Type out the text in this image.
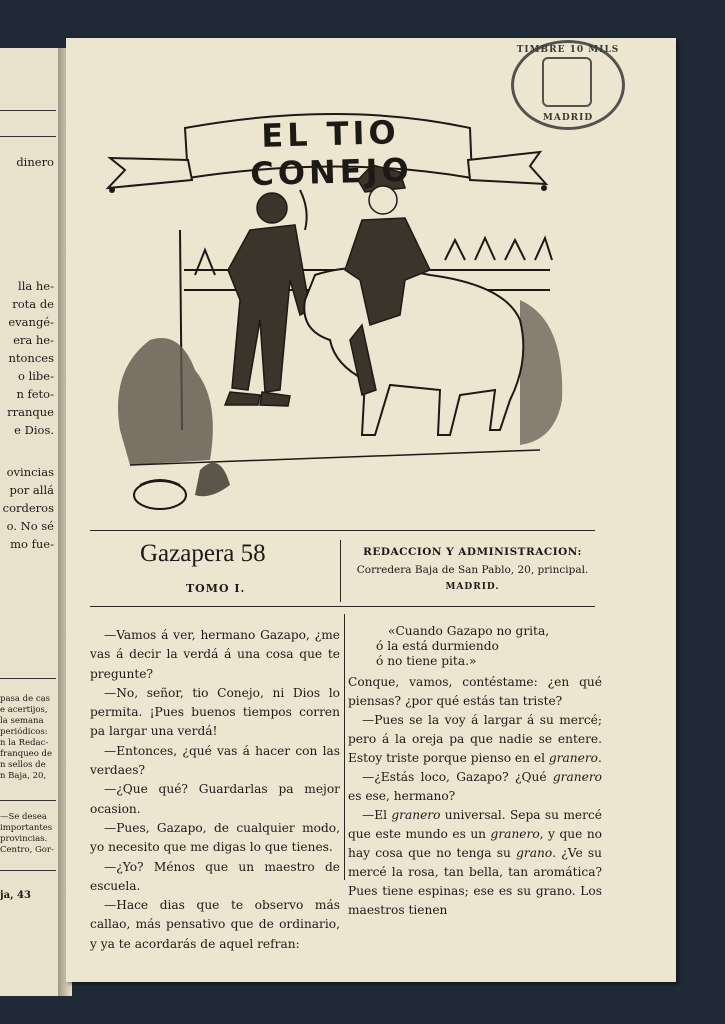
dinero
lla he-
rota de
evangé-
era he-
ntonces
o libe-
n feto-
rranque
e Dios.
ovincias
por allá
corderos
o. No sé
mo fue-
pasa de cas
e acertijos,
la semana
periódicos:
n la Redac-
franqueo de
n sellos de
n Baja, 20,
—Se desea
importantes
provincias.
Centro, Gor-
ja, 43
TIMBRE 10 MILS
MADRID
EL TIO CONEJO
Gazapera 58
TOMO I.
REDACCION Y ADMINISTRACION:
Corredera Baja de San Pablo, 20, principal.
MADRID.

—Vamos á ver, hermano Gazapo, ¿me vas á decir la verdá á una cosa que te pregunte?

—No, señor, tio Conejo, ni Dios lo permita. ¡Pues buenos tiempos corren pa largar una verdá!

—Entonces, ¿qué vas á hacer con las verdaes?

—¿Que qué? Guardarlas pa mejor ocasion.

—Pues, Gazapo, de cualquier modo, yo necesito que me digas lo que tienes.

—¿Yo? Ménos que un maestro de escuela.

—Hace dias que te observo más callao, más pensativo que de ordinario, y ya te acordarás de aquel refran:

«Cuando Gazapo no grita,

ó la está durmiendo

ó no tiene pita.»

Conque, vamos, contéstame: ¿en qué piensas? ¿por qué estás tan triste?

—Pues se la voy á largar á su mercé; pero á la oreja pa que nadie se entere. Estoy triste porque pienso en el granero.

—¿Estás loco, Gazapo? ¿Qué granero es ese, hermano?

—El granero universal. Sepa su mercé que este mundo es un granero, y que no hay cosa que no tenga su grano. ¿Ve su mercé la rosa, tan bella, tan aromática? Pues tiene espinas; ese es su grano. Los maestros tienen
